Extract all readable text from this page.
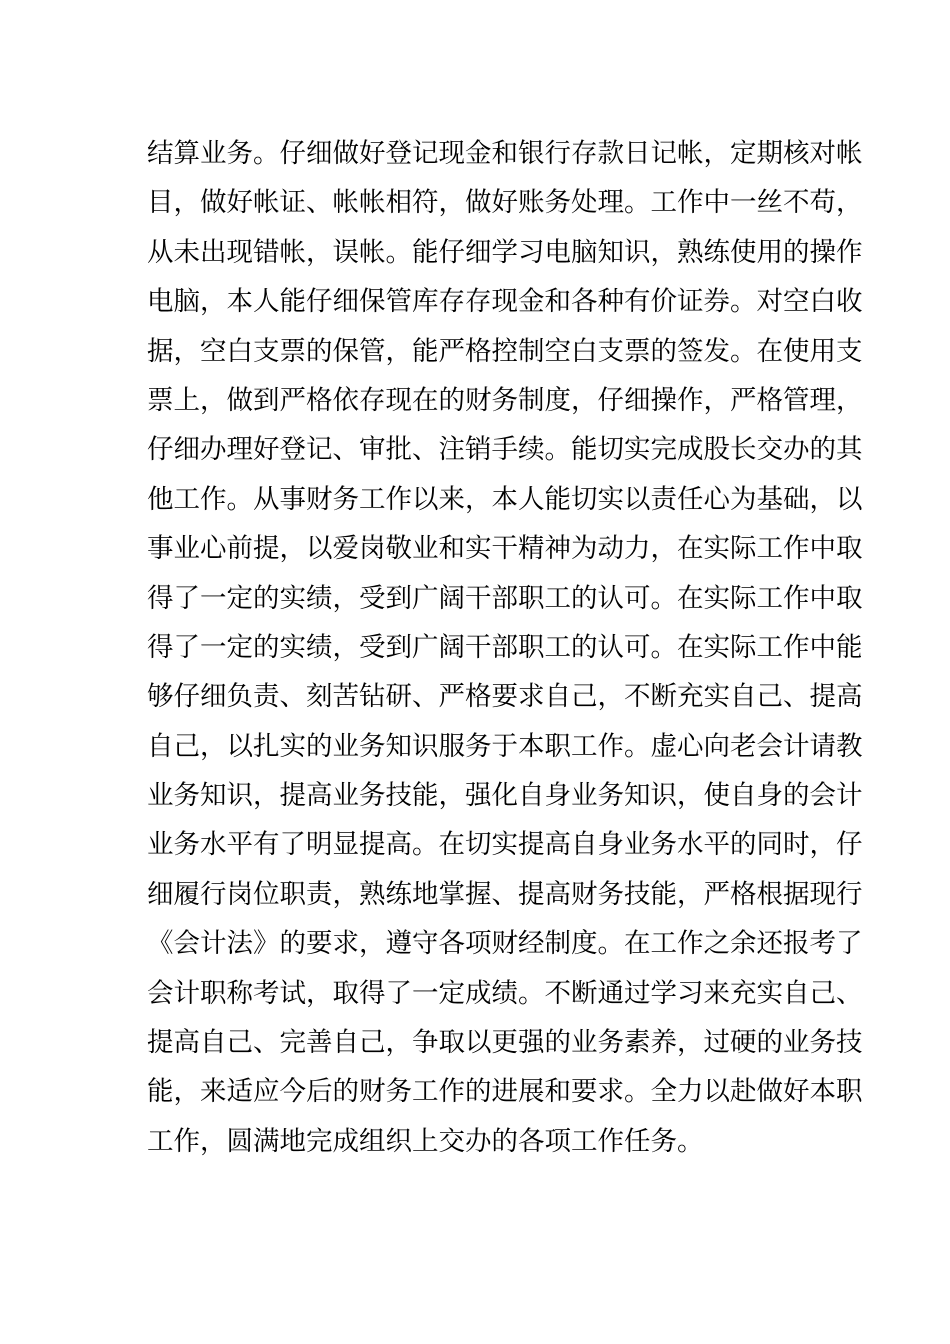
结算业务。仔细做好登记现金和银行存款日记帐，定期核对帐
目，做好帐证、帐帐相符，做好账务处理。工作中一丝不苟，
从未出现错帐，误帐。能仔细学习电脑知识，熟练使用的操作
电脑，本人能仔细保管库存存现金和各种有价证券。对空白收
据，空白支票的保管，能严格控制空白支票的签发。在使用支
票上，做到严格依存现在的财务制度，仔细操作，严格管理，
仔细办理好登记、审批、注销手续。能切实完成股长交办的其
他工作。从事财务工作以来，本人能切实以责任心为基础，以
事业心前提，以爱岗敬业和实干精神为动力，在实际工作中取
得了一定的实绩，受到广阔干部职工的认可。在实际工作中取
得了一定的实绩，受到广阔干部职工的认可。在实际工作中能
够仔细负责、刻苦钻研、严格要求自己，不断充实自己、提高
自己，以扎实的业务知识服务于本职工作。虚心向老会计请教
业务知识，提高业务技能，强化自身业务知识，使自身的会计
业务水平有了明显提高。在切实提高自身业务水平的同时，仔
细履行岗位职责，熟练地掌握、提高财务技能，严格根据现行
《会计法》的要求，遵守各项财经制度。在工作之余还报考了
会计职称考试，取得了一定成绩。不断通过学习来充实自己、
提高自己、完善自己，争取以更强的业务素养，过硬的业务技
能，来适应今后的财务工作的进展和要求。全力以赴做好本职
工作，圆满地完成组织上交办的各项工作任务。
